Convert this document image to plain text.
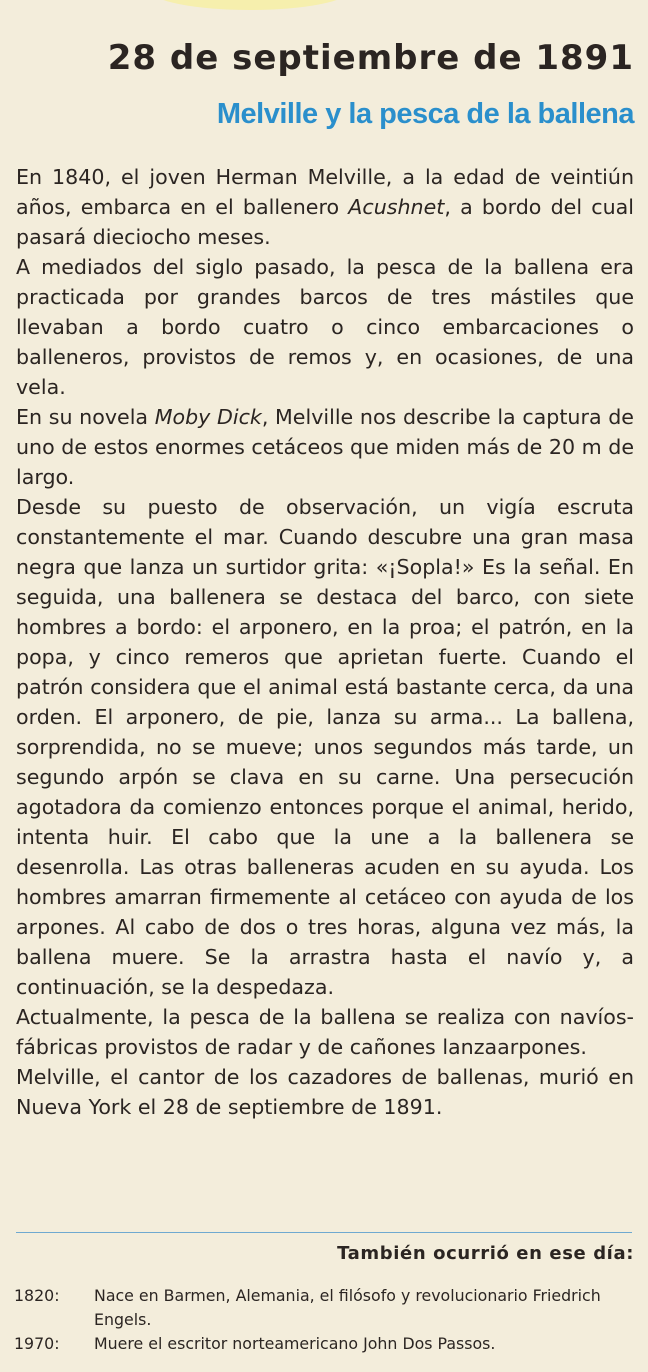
28 de septiembre de 1891
Melville y la pesca de la ballena

En 1840, el joven Herman Melville, a la edad de veintiún años, embarca en el ballenero Acushnet, a bordo del cual pasará dieciocho meses.

A mediados del siglo pasado, la pesca de la ballena era practicada por grandes barcos de tres mástiles que llevaban a bordo cuatro o cinco embarcaciones o balleneros, provistos de remos y, en ocasiones, de una vela.

En su novela Moby Dick, Melville nos describe la captura de uno de estos enormes cetáceos que miden más de 20 m de largo.

Desde su puesto de observación, un vigía escruta constantemente el mar. Cuando descubre una gran masa negra que lanza un surtidor grita: «¡Sopla!» Es la señal. En seguida, una ballenera se destaca del barco, con siete hombres a bordo: el arponero, en la proa; el patrón, en la popa, y cinco remeros que aprietan fuerte. Cuando el patrón considera que el animal está bastante cerca, da una orden. El arponero, de pie, lanza su arma... La ballena, sorprendida, no se mueve; unos segundos más tarde, un segundo arpón se clava en su carne. Una persecución agotadora da comienzo entonces porque el animal, herido, intenta huir. El cabo que la une a la ballenera se desenrolla. Las otras balleneras acuden en su ayuda. Los hombres amarran firmemente al cetáceo con ayuda de los arpones. Al cabo de dos o tres horas, alguna vez más, la ballena muere. Se la arrastra hasta el navío y, a continuación, se la despedaza.

Actualmente, la pesca de la ballena se realiza con navíos-fábricas provistos de radar y de cañones lanzaarpones.

Melville, el cantor de los cazadores de ballenas, murió en Nueva York el 28 de septiembre de 1891.

También ocurrió en ese día:
1820:	Nace en Barmen, Alemania, el filósofo y revolucionario Friedrich Engels.
1970:	Muere el escritor norteamericano John Dos Passos.
